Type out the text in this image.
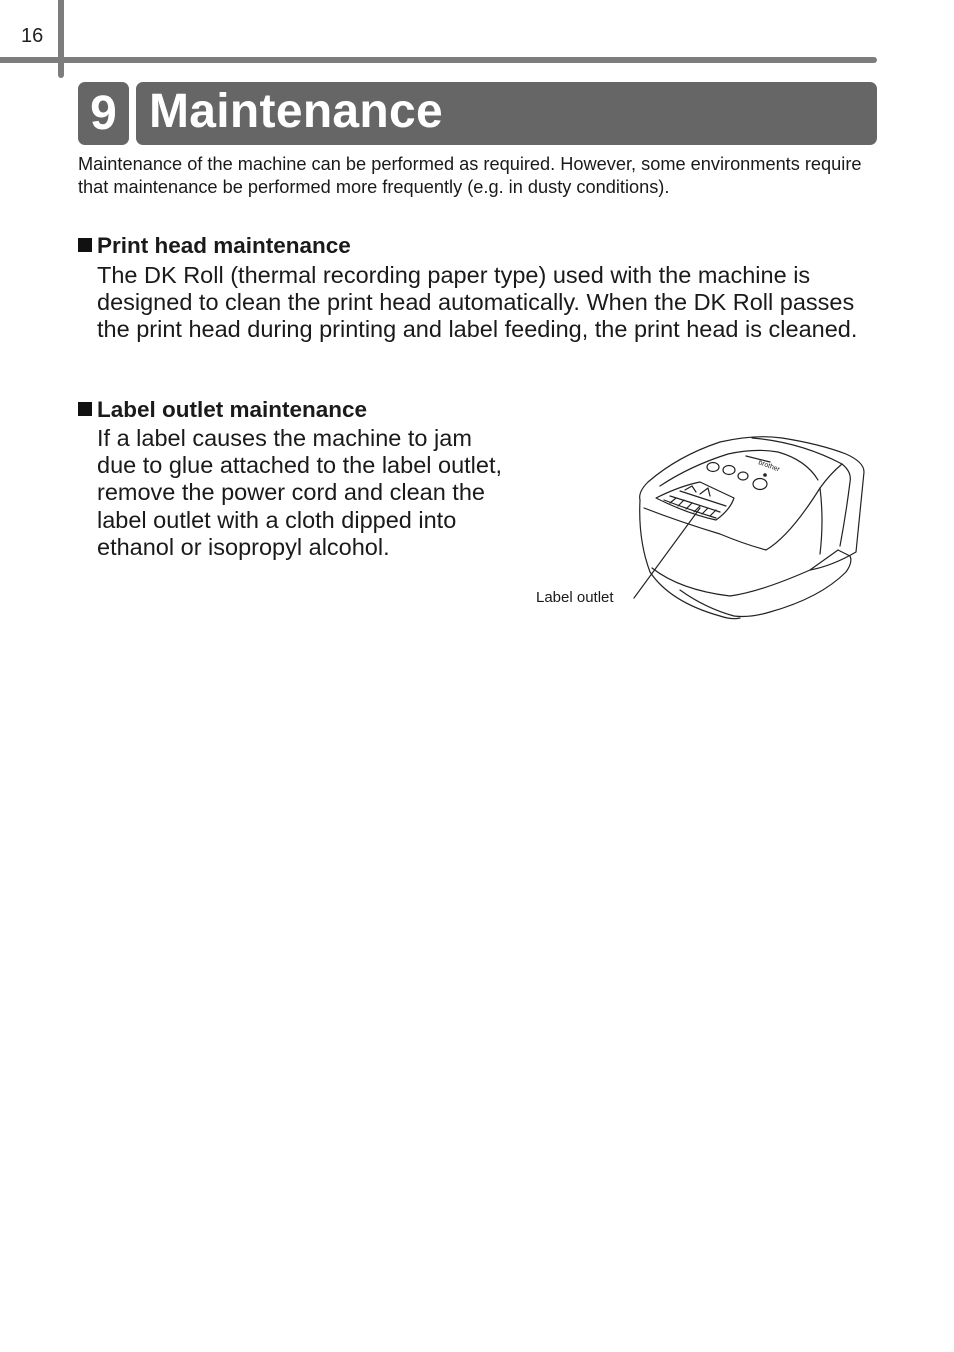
16
9 Maintenance

Maintenance of the machine can be performed as required. However, some environments require that maintenance be performed more frequently (e.g. in dusty conditions).

Print head maintenance

The DK Roll (thermal recording paper type) used with the machine is designed to clean the print head automatically. When the DK Roll passes the print head during printing and label feeding, the print head is cleaned.

Label outlet maintenance

If a label causes the machine to jam due to glue attached to the label outlet, remove the power cord and clean the label outlet with a cloth dipped into ethanol or isopropyl alcohol.

brother
Label outlet
